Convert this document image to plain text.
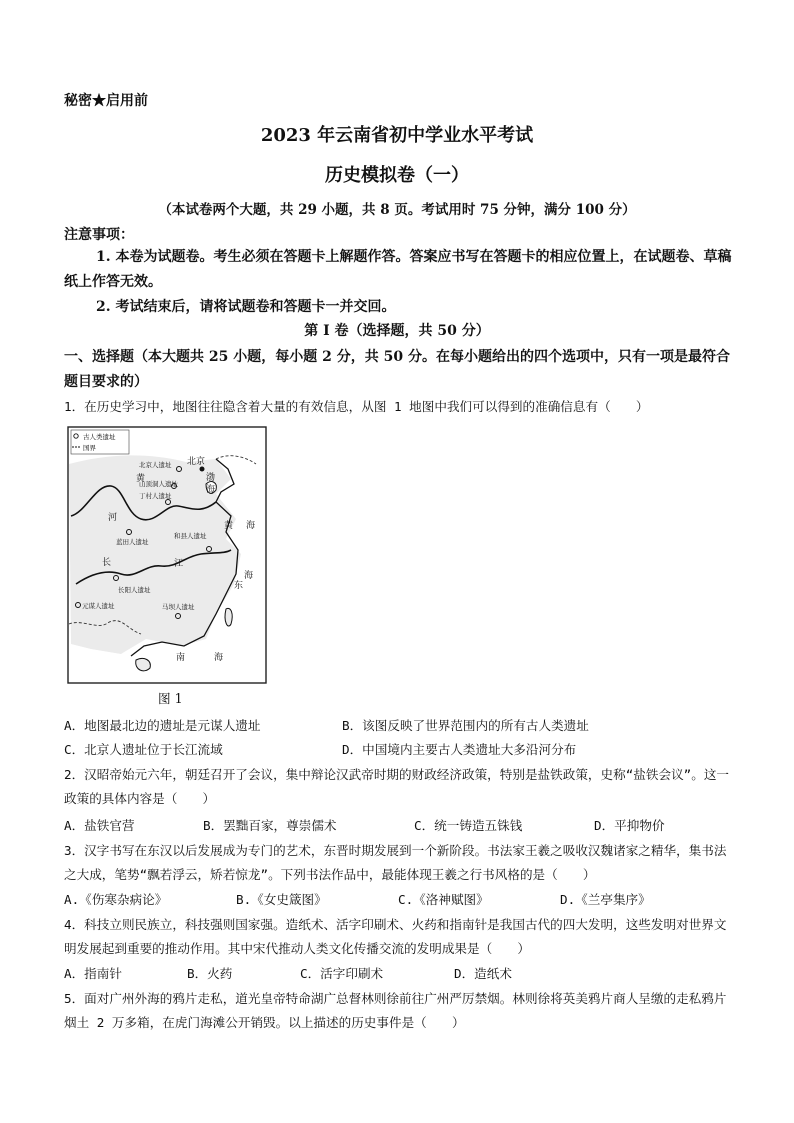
秘密★启用前
2023 年云南省初中学业水平考试
历史模拟卷（一）
（本试卷两个大题，共 29 小题，共 8 页。考试用时 75 分钟，满分 100 分）
注意事项：
1. 本卷为试题卷。考生必须在答题卡上解题作答。答案应书写在答题卡的相应位置上，在试题卷、草稿纸上作答无效。
2. 考试结束后，请将试题卷和答题卡一并交回。
第 I 卷（选择题，共 50 分）
一、选择题（本大题共 25 小题，每小题 2 分，共 50 分。在每小题给出的四个选项中，只有一项是最符合题目要求的）
1．在历史学习中，地图往往隐含着大量的有效信息，从图 1 地图中我们可以得到的准确信息有（　　）
古人类遗址
国界
北京人遗址
山顶洞人遗址
丁村人遗址
蓝田人遗址
和县人遗址
长阳人遗址
元谋人遗址	马坝人遗址
北京
渤
海
黄
河
长	江
黄 海
东
海
南	海
图 1
A．地图最北边的遗址是元谋人遗址	B．该图反映了世界范围内的所有古人类遗址
C．北京人遗址位于长江流域	D．中国境内主要古人类遗址大多沿河分布
2．汉昭帝始元六年，朝廷召开了会议，集中辩论汉武帝时期的财政经济政策，特别是盐铁政策，史称“盐铁会议”。这一政策的具体内容是（　　）
A．盐铁官营	B．罢黜百家，尊崇儒术	C．统一铸造五铢钱	D．平抑物价
3．汉字书写在东汉以后发展成为专门的艺术，东晋时期发展到一个新阶段。书法家王羲之吸收汉魏诸家之精华，集书法之大成，笔势“飘若浮云，矫若惊龙”。下列书法作品中，最能体现王羲之行书风格的是（　　）
A.《伤寒杂病论》	B.《女史箴图》	C.《洛神赋图》	D.《兰亭集序》
4．科技立则民族立，科技强则国家强。造纸术、活字印刷术、火药和指南针是我国古代的四大发明，这些发明对世界文明发展起到重要的推动作用。其中宋代推动人类文化传播交流的发明成果是（　　）
A．指南针	B．火药	C．活字印刷术	D．造纸术
5．面对广州外海的鸦片走私，道光皇帝特命湖广总督林则徐前往广州严厉禁烟。林则徐将英美鸦片商人呈缴的走私鸦片烟土 2 万多箱，在虎门海滩公开销毁。以上描述的历史事件是（　　）
